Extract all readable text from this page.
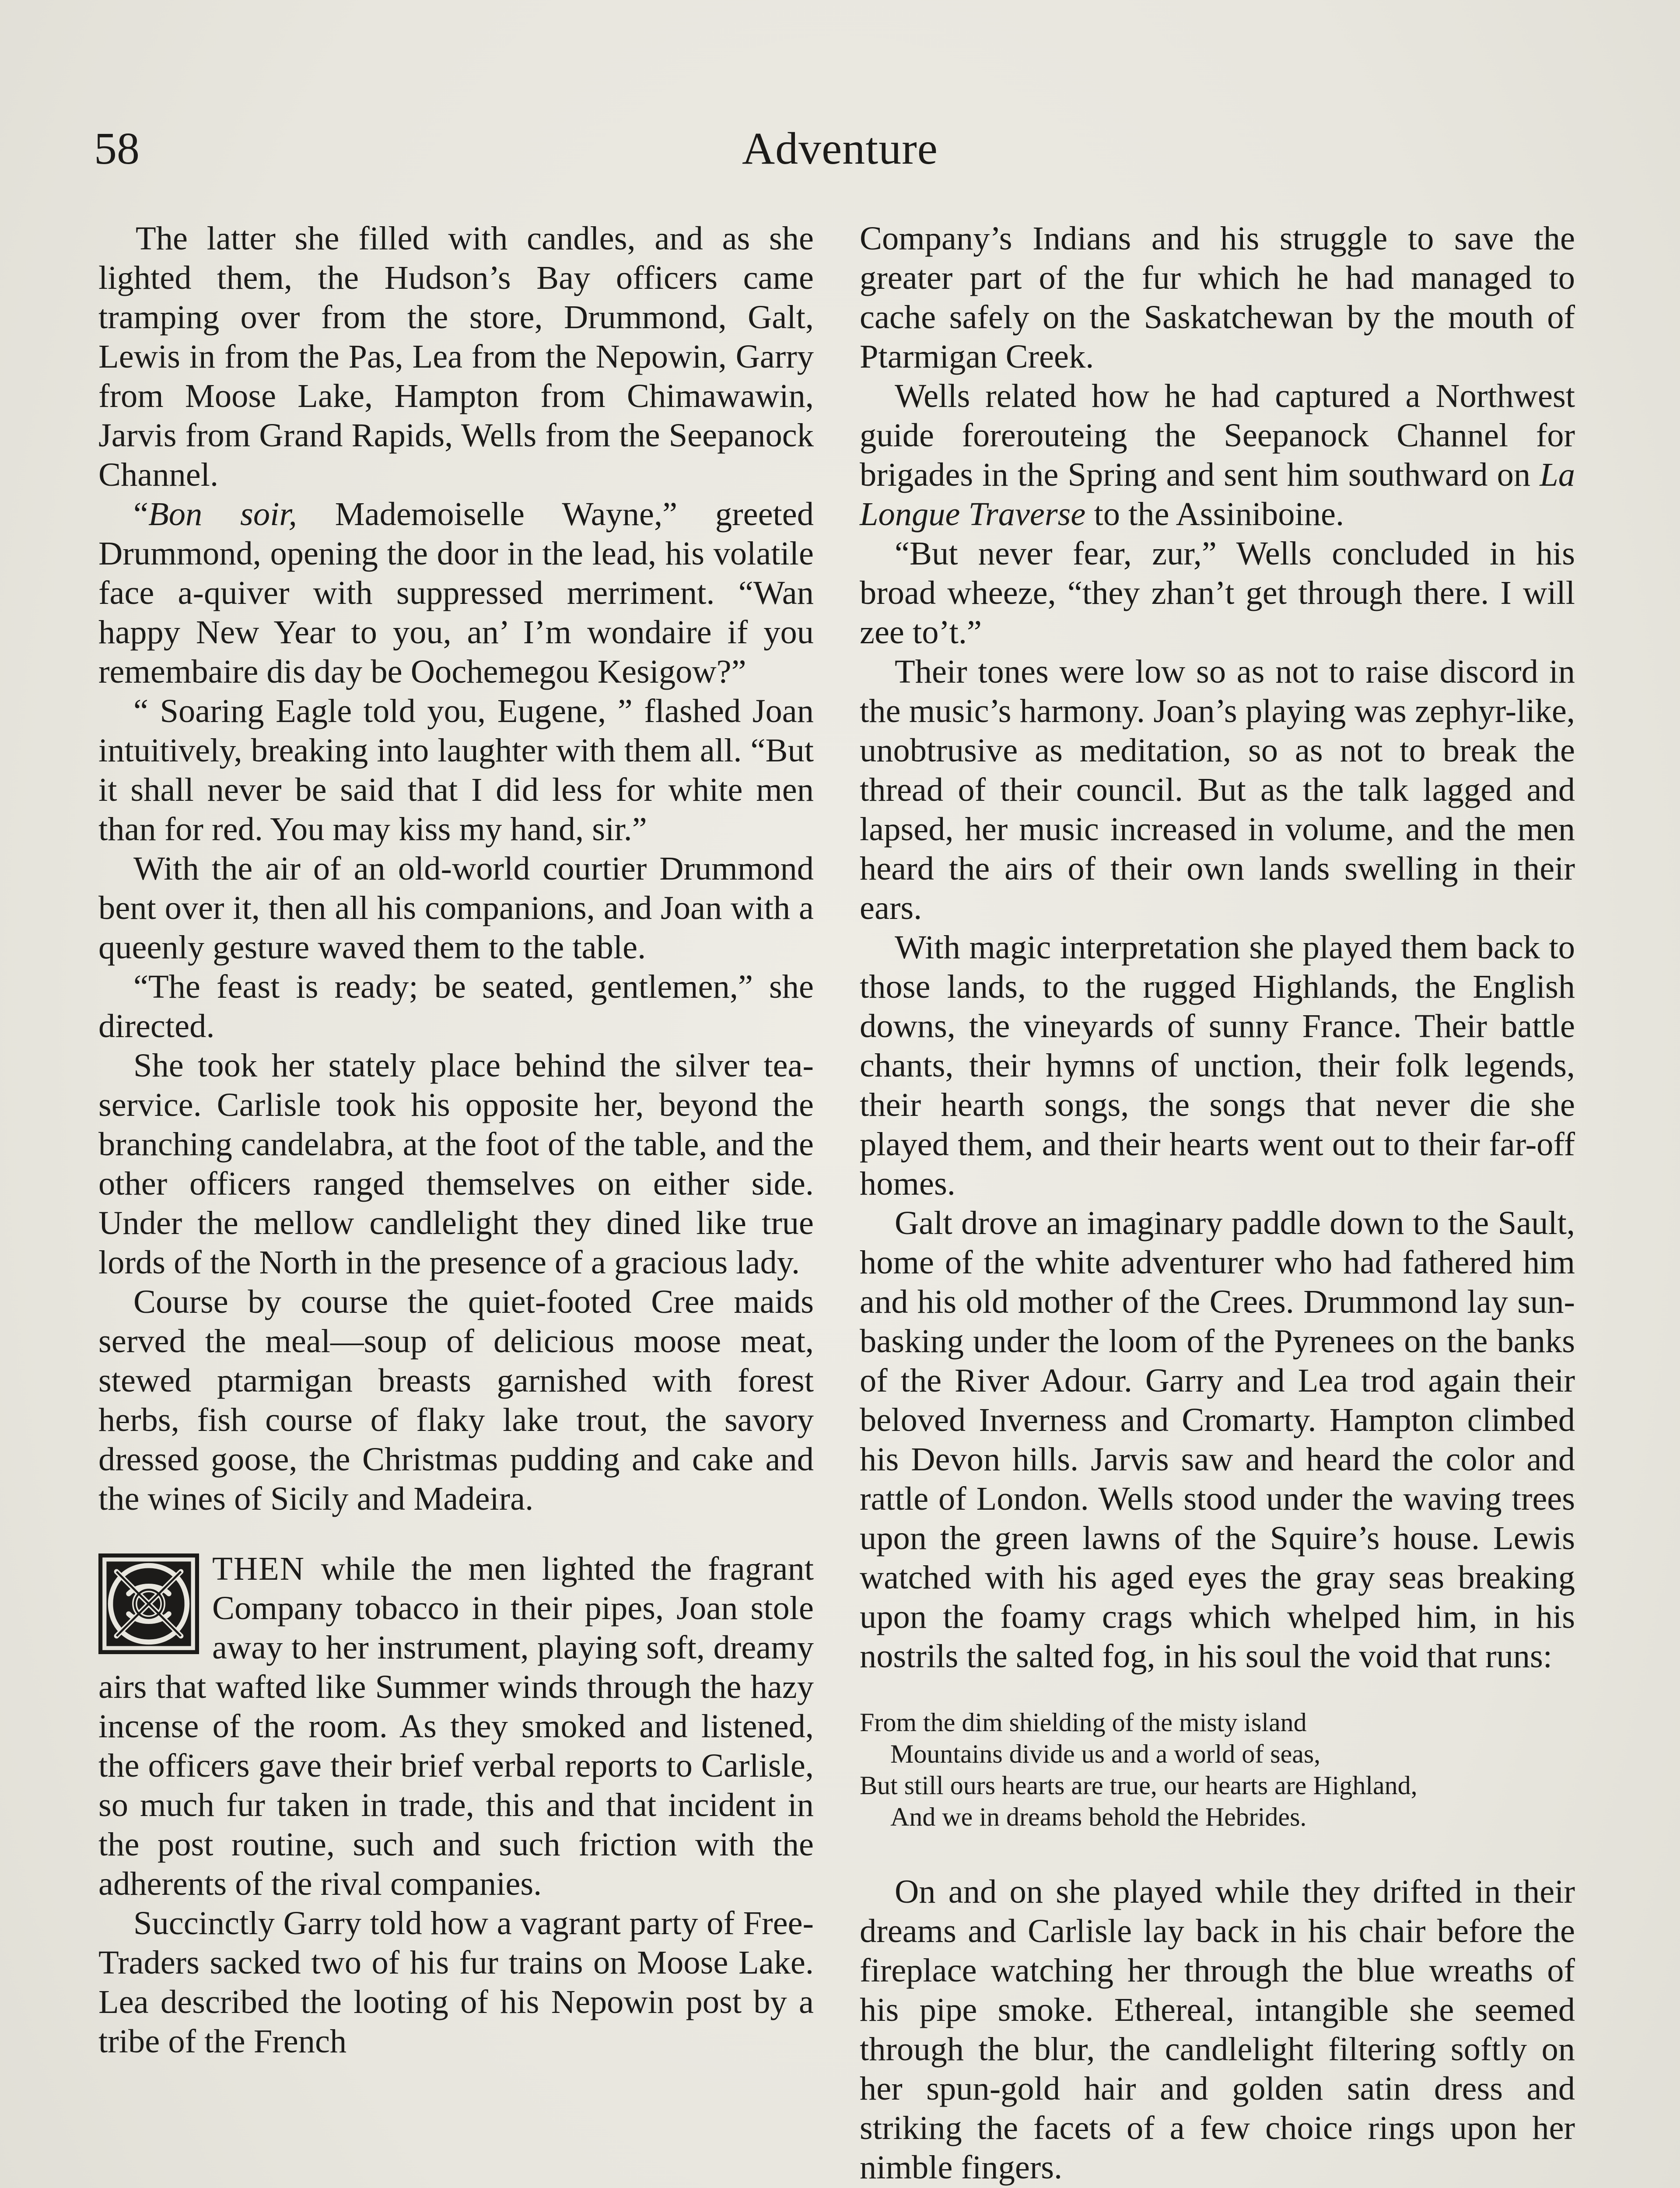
58	Adventure

The latter she filled with candles, and as she lighted them, the Hudson’s Bay officers came tramping over from the store, Drummond, Galt, Lewis in from the Pas, Lea from the Nepowin, Garry from Moose Lake, Hampton from Chimawawin, Jarvis from Grand Rapids, Wells from the Seepanock Channel.

“Bon soir, Mademoiselle Wayne,” greeted Drummond, opening the door in the lead, his volatile face a-quiver with suppressed merriment. “Wan happy New Year to you, an’ I’m wondaire if you remembaire dis day be Oochemegou Kesigow?”

“ Soaring Eagle told you, Eugene, ” flashed Joan intuitively, breaking into laughter with them all. “But it shall never be said that I did less for white men than for red. You may kiss my hand, sir.”

With the air of an old-world courtier Drummond bent over it, then all his companions, and Joan with a queenly gesture waved them to the table.

“The feast is ready; be seated, gentlemen,” she directed.

She took her stately place behind the silver tea-service. Carlisle took his opposite her, beyond the branching candelabra, at the foot of the table, and the other officers ranged themselves on either side. Under the mellow candlelight they dined like true lords of the North in the presence of a gracious lady.

Course by course the quiet-footed Cree maids served the meal—soup of delicious moose meat, stewed ptarmigan breasts garnished with forest herbs, fish course of flaky lake trout, the savory dressed goose, the Christmas pudding and cake and the wines of Sicily and Madeira.

THEN while the men lighted the fragrant Company tobacco in their pipes, Joan stole away to her instrument, playing soft, dreamy airs that wafted like Summer winds through the hazy incense of the room. As they smoked and listened, the officers gave their brief verbal reports to Carlisle, so much fur taken in trade, this and that incident in the post routine, such and such friction with the adherents of the rival companies.

Succinctly Garry told how a vagrant party of Free-Traders sacked two of his fur trains on Moose Lake. Lea described the looting of his Nepowin post by a tribe of the French

Company’s Indians and his struggle to save the greater part of the fur which he had managed to cache safely on the Saskatchewan by the mouth of Ptarmigan Creek.

Wells related how he had captured a Northwest guide forerouteing the Seepanock Channel for brigades in the Spring and sent him southward on La Longue Traverse to the Assiniboine.

“But never fear, zur,” Wells concluded in his broad wheeze, “they zhan’t get through there. I will zee to’t.”

Their tones were low so as not to raise discord in the music’s harmony. Joan’s playing was zephyr-like, unobtrusive as meditation, so as not to break the thread of their council. But as the talk lagged and lapsed, her music increased in volume, and the men heard the airs of their own lands swelling in their ears.

With magic interpretation she played them back to those lands, to the rugged Highlands, the English downs, the vineyards of sunny France. Their battle chants, their hymns of unction, their folk legends, their hearth songs, the songs that never die she played them, and their hearts went out to their far-off homes.

Galt drove an imaginary paddle down to the Sault, home of the white adventurer who had fathered him and his old mother of the Crees. Drummond lay sun-basking under the loom of the Pyrenees on the banks of the River Adour. Garry and Lea trod again their beloved Inverness and Cromarty. Hampton climbed his Devon hills. Jarvis saw and heard the color and rattle of London. Wells stood under the waving trees upon the green lawns of the Squire’s house. Lewis watched with his aged eyes the gray seas breaking upon the foamy crags which whelped him, in his nostrils the salted fog, in his soul the void that runs:

From the dim shielding of the misty island
Mountains divide us and a world of seas,
But still ours hearts are true, our hearts are Highland,
And we in dreams behold the Hebrides.

On and on she played while they drifted in their dreams and Carlisle lay back in his chair before the fireplace watching her through the blue wreaths of his pipe smoke. Ethereal, intangible she seemed through the blur, the candlelight filtering softly on her spun-gold hair and golden satin dress and striking the facets of a few choice rings upon her nimble fingers.
